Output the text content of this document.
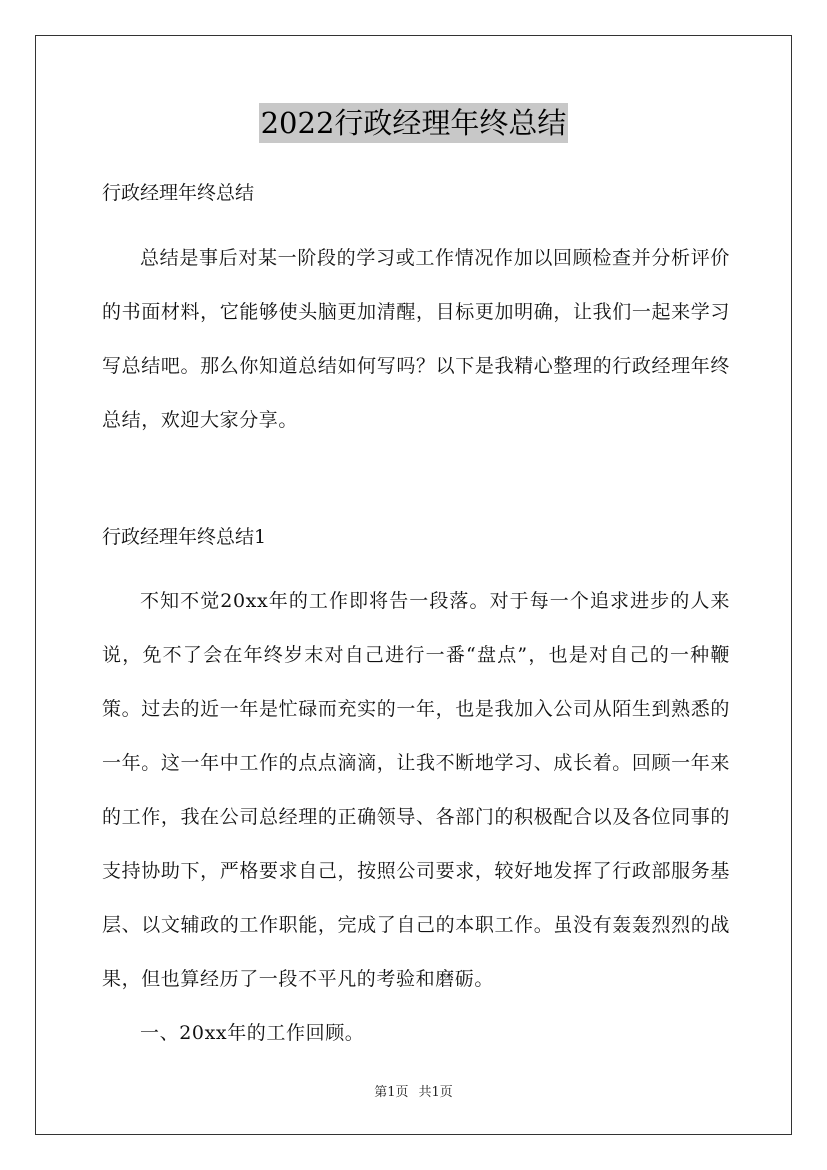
2022行政经理年终总结

行政经理年终总结

总结是事后对某一阶段的学习或工作情况作加以回顾检查并分析评价的书面材料，它能够使头脑更加清醒，目标更加明确，让我们一起来学习写总结吧。那么你知道总结如何写吗？以下是我精心整理的行政经理年终总结，欢迎大家分享。

行政经理年终总结1

不知不觉20xx年的工作即将告一段落。对于每一个追求进步的人来说，免不了会在年终岁末对自己进行一番“盘点”，也是对自己的一种鞭策。过去的近一年是忙碌而充实的一年，也是我加入公司从陌生到熟悉的一年。这一年中工作的点点滴滴，让我不断地学习、成长着。回顾一年来的工作，我在公司总经理的正确领导、各部门的积极配合以及各位同事的支持协助下，严格要求自己，按照公司要求，较好地发挥了行政部服务基层、以文辅政的工作职能，完成了自己的本职工作。虽没有轰轰烈烈的战果，但也算经历了一段不平凡的考验和磨砺。

一、20xx年的工作回顾。

第1页 共1页
